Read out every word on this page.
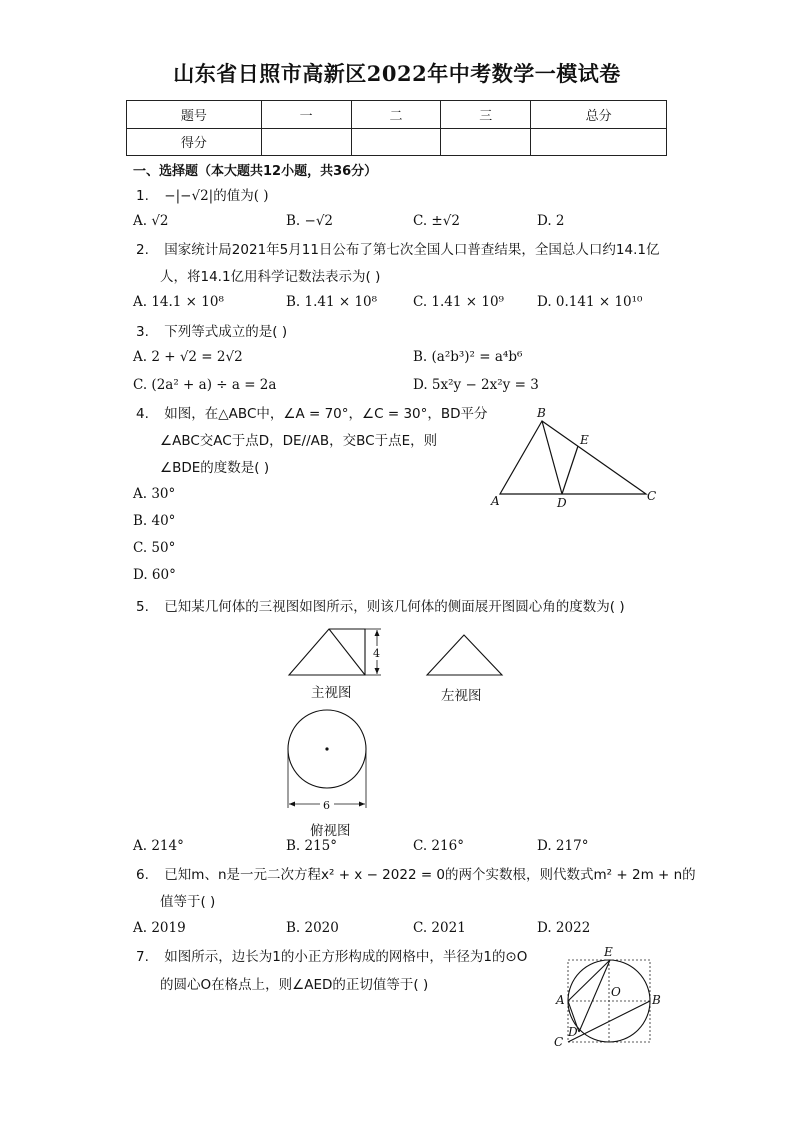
山东省日照市高新区2022年中考数学一模试卷
题号	一	二	三	总分
得分				
一、选择题（本大题共12小题，共36分）
1. −|−√2|的值为( )
A. √2	B. −√2	C. ±√2	D. 2
2. 国家统计局2021年5月11日公布了第七次全国人口普查结果，全国总人口约14.1亿
人，将14.1亿用科学记数法表示为( )
A. 14.1 × 10⁸	B. 1.41 × 10⁸	C. 1.41 × 10⁹ D. 0.141 × 10¹⁰
3. 下列等式成立的是( )
A. 2 + √2 = 2√2	B. (a²b³)² = a⁴b⁶
C. (2a² + a) ÷ a = 2a	D. 5x²y − 2x²y = 3
4. 如图，在△ABC中，∠A = 70°，∠C = 30°，BD平分
∠ABC交AC于点D，DE//AB，交BC于点E，则
∠BDE的度数是( )
A. 30°
B. 40°
C. 50°
D. 60°
B
E
A	D	C
5. 已知某几何体的三视图如图所示，则该几何体的侧面展开图圆心角的度数为( )
4
主视图	左视图
6
俯视图
A. 214°	B. 215°	C. 216°	D. 217°
6. 已知m、n是一元二次方程x² + x − 2022 = 0的两个实数根，则代数式m² + 2m + n的
值等于( )
A. 2019	B. 2020	C. 2021	D. 2022
7. 如图所示，边长为1的小正方形构成的网格中，半径为1的⊙O
的圆心O在格点上，则∠AED的正切值等于( )
E
O
A	B
D
C
